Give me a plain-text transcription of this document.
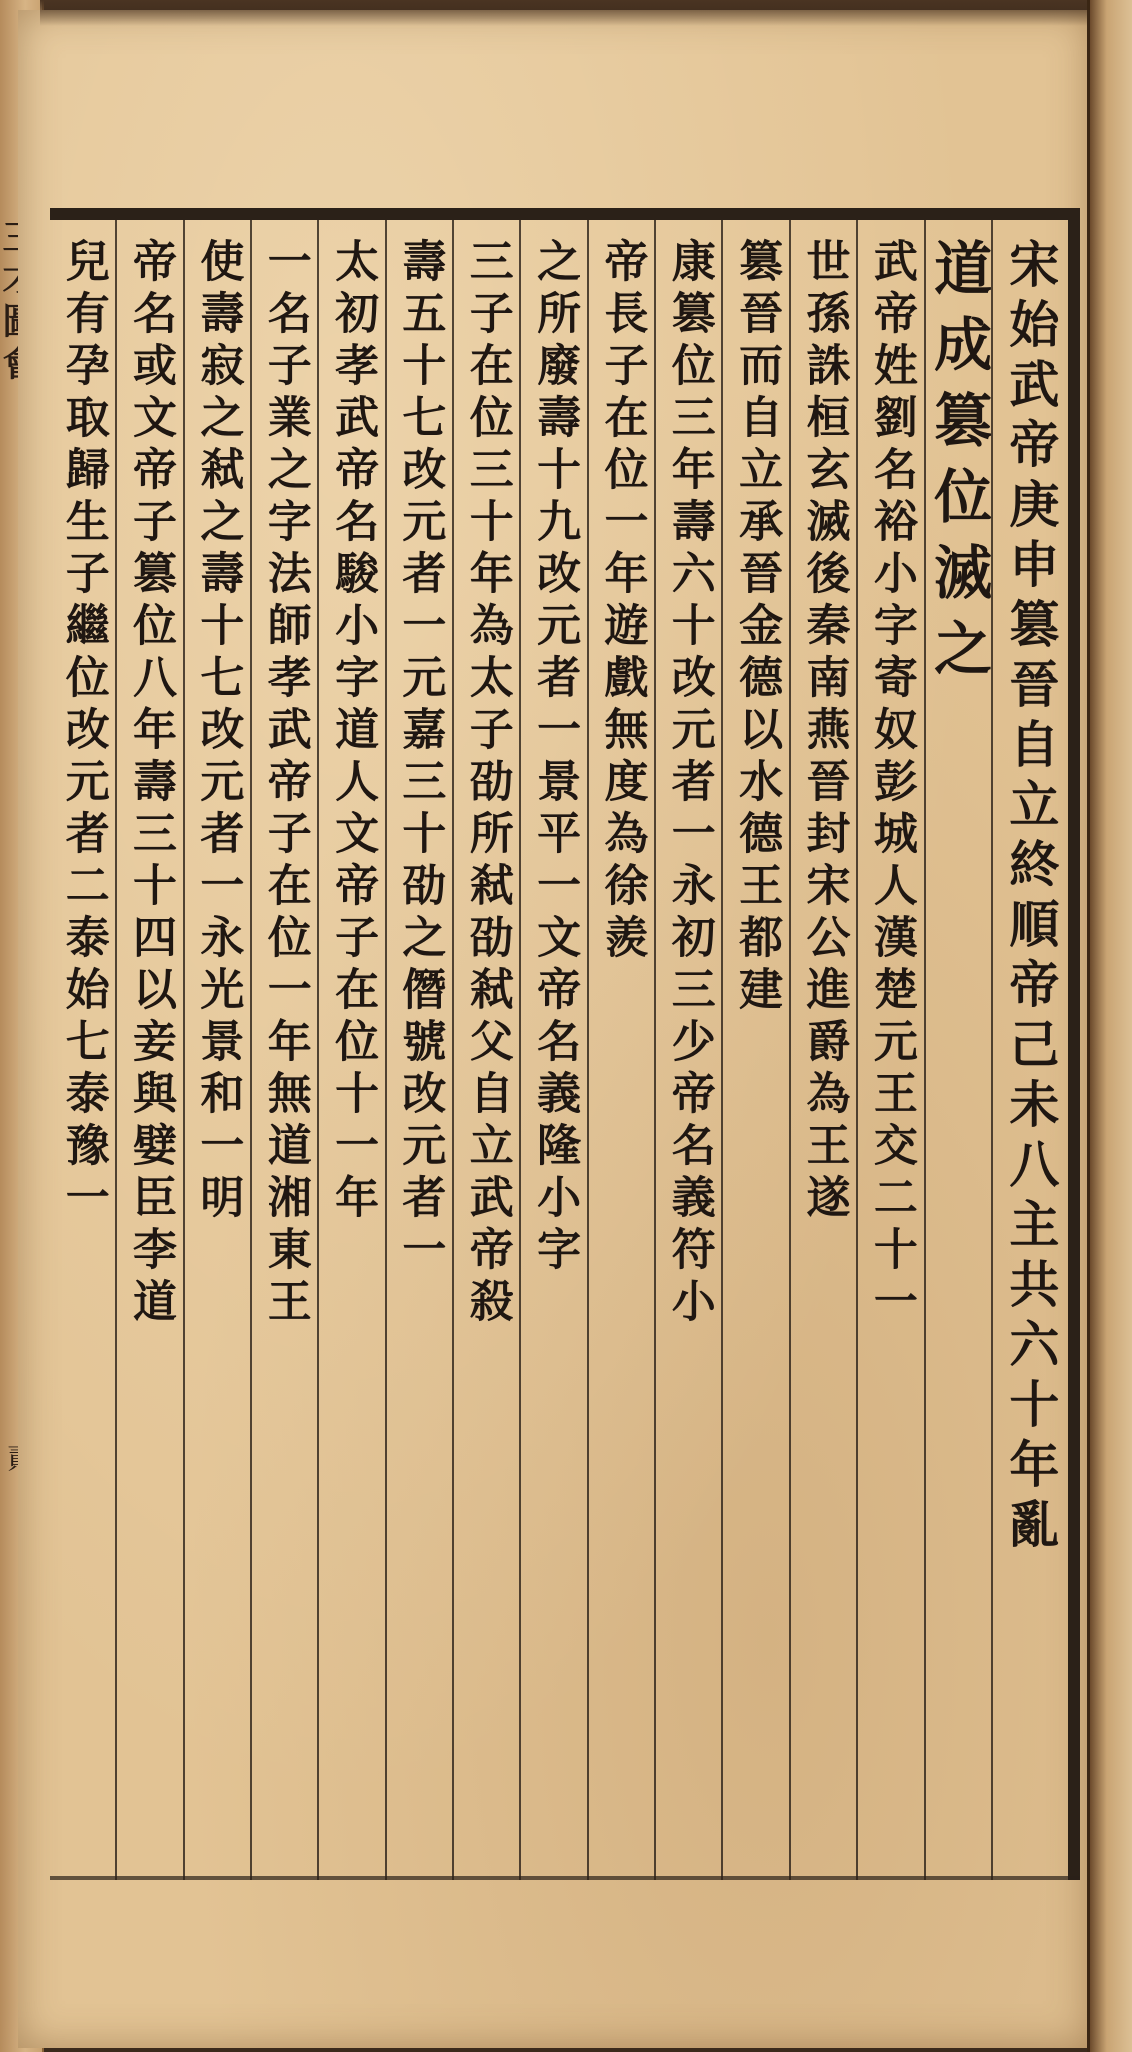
宋始武帝庚申篡晉自立終順帝己未八主共六十年亂
道成篡位滅之
武帝姓劉名裕小字寄奴彭城人漢楚元王交二十一
世孫誅桓玄滅後秦南燕晉封宋公進爵為王遂
篡晉而自立承晉金德以水德王都建
康篡位三年壽六十改元者一永初三少帝名義符小
帝長子在位一年遊戲無度為徐羨
之所廢壽十九改元者一景平一文帝名義隆小字
三子在位三十年為太子劭所弒劭弒父自立武帝殺
壽五十七改元者一元嘉三十劭之僭號改元者一
太初孝武帝名駿小字道人文帝子在位十一年
一名子業之字法師孝武帝子在位一年無道湘東王
使壽寂之弒之壽十七改元者一永光景和一明
帝名或文帝子篡位八年壽三十四以妾與嬖臣李道
兒有孕取歸生子繼位改元者二泰始七泰豫一
